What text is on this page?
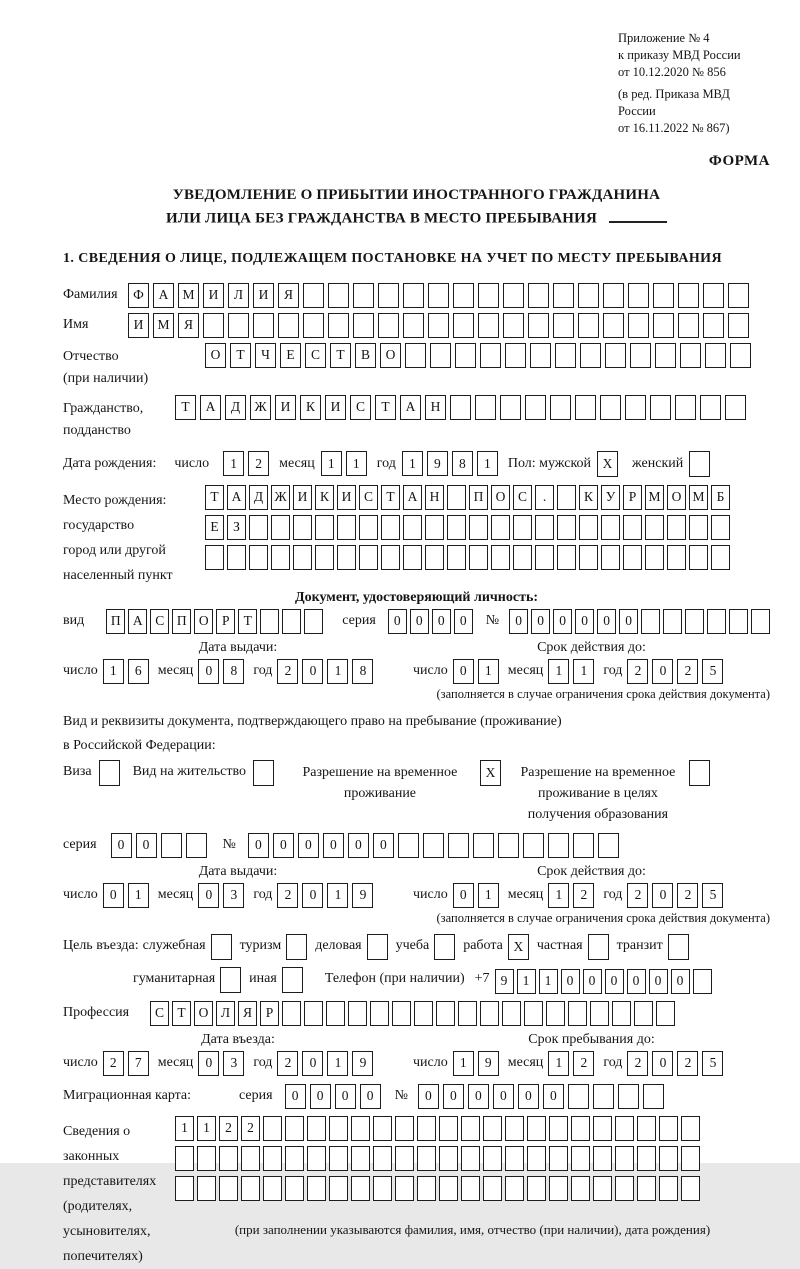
Приложение № 4
к приказу МВД России
от 10.12.2020 № 856
(в ред. Приказа МВД России
от 16.11.2022 № 867)
ФОРМА
УВЕДОМЛЕНИЕ О ПРИБЫТИИ ИНОСТРАННОГО ГРАЖДАНИНА
ИЛИ ЛИЦА БЕЗ ГРАЖДАНСТВА В МЕСТО ПРЕБЫВАНИЯ
1. СВЕДЕНИЯ О ЛИЦЕ, ПОДЛЕЖАЩЕМ ПОСТАНОВКЕ НА УЧЕТ ПО МЕСТУ ПРЕБЫВАНИЯ
Фамилия	Ф	А	М	И	Л	И	Я
Имя	И	М	Я
Отчество
(при наличии)
О	Т	Ч	Е	С	Т	В	О
Гражданство,
подданство
Т	А	Д	Ж	И	К	И	С	Т	А	Н
Дата рождения: число	1	2	месяц 1	1	год 1	9	8	1	Пол: мужской X	женский
Место рождения:
государство
город или другой
населенный пункт
Т А Д Ж И К И С Т А Н	П О С	.	К У Р М О М Б

Е	З

Документ, удостоверяющий личность:
вид	П А С П О Р	Т	серия	0	0	0	0	№	0	0	0	0	0	0
Дата выдачи:	Срок действия до:
число 1	6	месяц 0	8	год 2	0	1	8	число 0	1	месяц 1	1	год 2	0	2	5
(заполняется в случае ограничения срока действия документа)
Вид и реквизиты документа, подтверждающего право на пребывание (проживание)
в Российской Федерации:
Виза	Вид на жительство	Разрешение на временное проживание
X	Разрешение на временное проживание в целях получения образования
серия	0	0	№	0	0	0	0	0	0
Дата выдачи:	Срок действия до:
число 0	1	месяц 0	3	год 2	0	1	9	число 0	1	месяц 1	2	год 2	0	2	5
(заполняется в случае ограничения срока действия документа)
Цель въезда: служебная туризм деловая учеба работа X частная транзит
гуманитарная иная	Телефон (при наличии) +7 9	1	1	0	0	0	0	0	0
Профессия	С Т О Л Я	Р
Дата въезда:	Срок пребывания до:
число 2	7	месяц 0	3	год 2	0	1	9	число 1	9	месяц 1	2	год 2	0	2	5
Миграционная карта:	серия	0	0	0	0	№	0	0	0	0	0	0
Сведения о
законных
представителях
(родителях,
усыновителях,
попечителях)
1	1	2	2

(при заполнении указываются фамилия, имя, отчество (при наличии), дата рождения)
